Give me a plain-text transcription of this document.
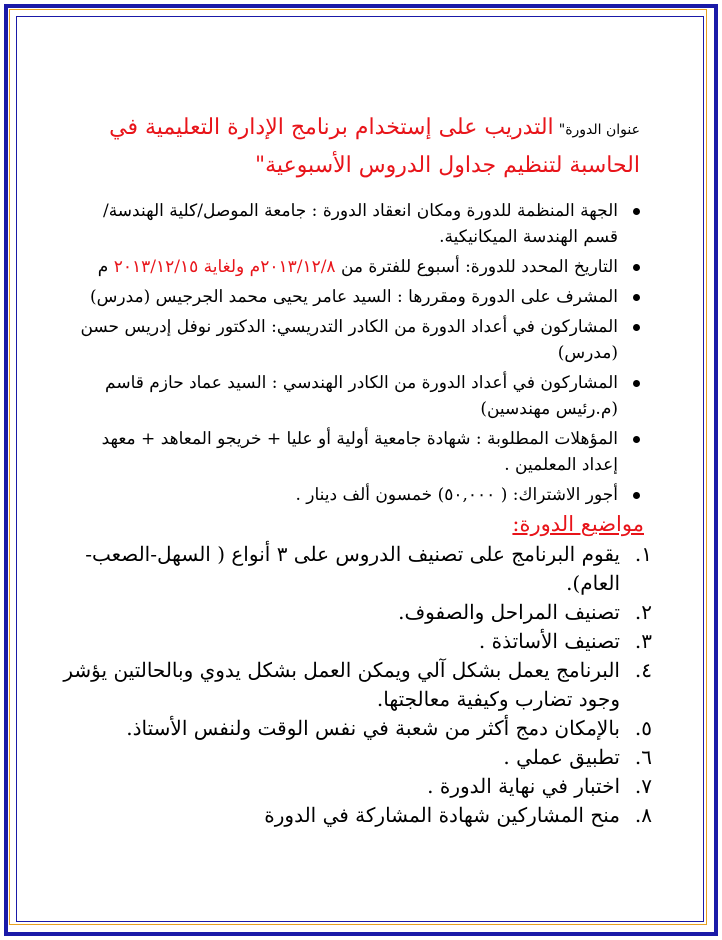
عنوان الدورة" التدريب على إستخدام برنامج الإدارة التعليمية في الحاسبة لتنظيم جداول الدروس الأسبوعية"
الجهة المنظمة للدورة ومكان انعقاد الدورة : جامعة الموصل/كلية الهندسة/قسم الهندسة الميكانيكية.
التاريخ المحدد للدورة: أسبوع للفترة من ٢٠١٣/١٢/٨م ولغاية ٢٠١٣/١٢/١٥ م
المشرف على الدورة ومقررها : السيد عامر يحيى محمد الجرجيس (مدرس)
المشاركون في أعداد الدورة من الكادر التدريسي: الدكتور نوفل إدريس حسن (مدرس)
المشاركون في أعداد الدورة من الكادر الهندسي : السيد عماد حازم قاسم (م.رئيس مهندسين)
المؤهلات المطلوبة : شهادة جامعية أولية أو عليا + خريجو المعاهد + معهد إعداد المعلمين .
أجور الاشتراك: ( ٥٠,٠٠٠) خمسون ألف دينار .
مواضيع الدورة:
١.
يقوم البرنامج على تصنيف الدروس على ٣ أنواع ( السهل-الصعب-العام).
٢.
تصنيف المراحل والصفوف.
٣.
تصنيف الأساتذة .
٤.
البرنامج يعمل بشكل آلي ويمكن العمل بشكل يدوي وبالحالتين يؤشر وجود تضارب وكيفية معالجتها.
٥.
بالإمكان دمج أكثر من شعبة في نفس الوقت ولنفس الأستاذ.
٦.
تطبيق عملي .
٧.
اختبار في نهاية الدورة .
٨.
منح المشاركين شهادة المشاركة في الدورة
